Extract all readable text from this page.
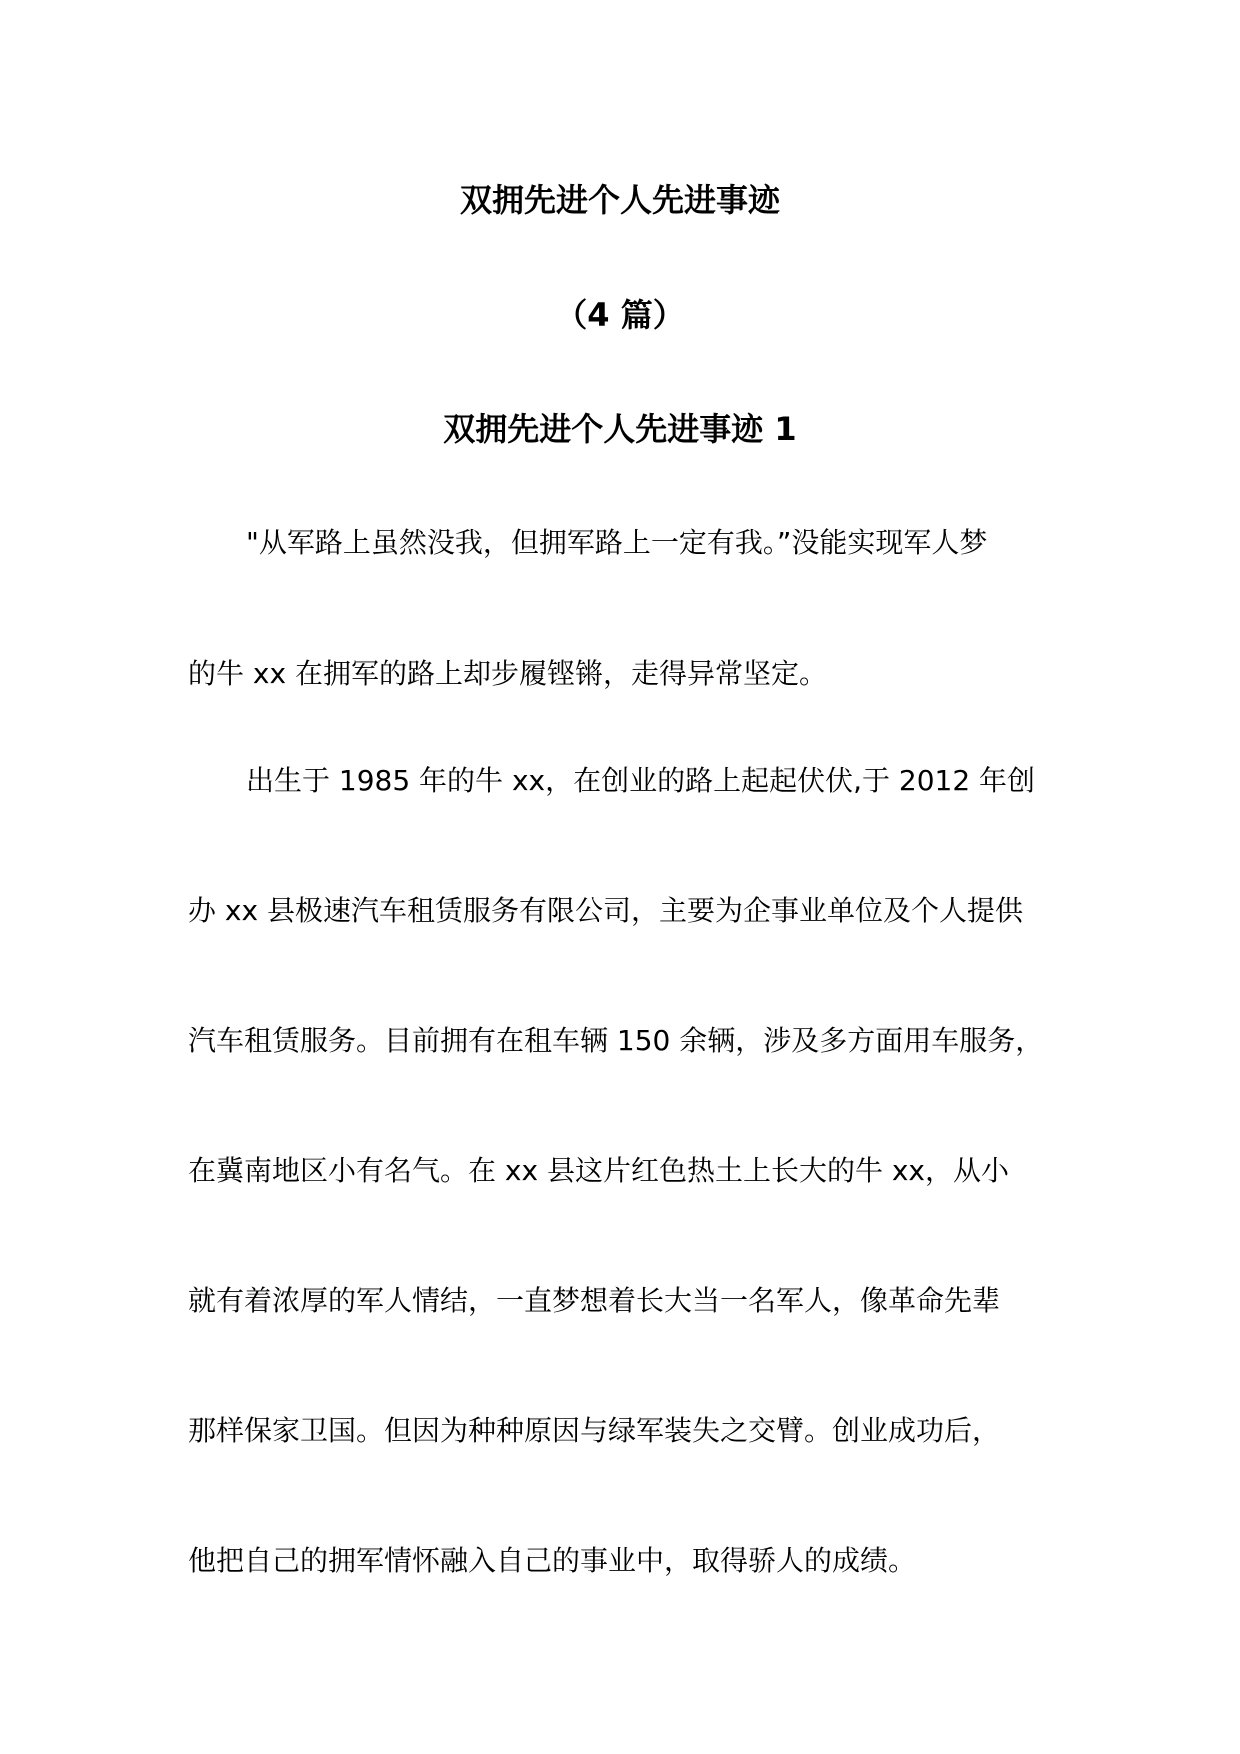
双拥先进个人先进事迹
（4 篇）
双拥先进个人先进事迹 1

"从军路上虽然没我，但拥军路上一定有我。”没能实现军人梦

的牛 xx 在拥军的路上却步履铿锵，走得异常坚定。

出生于 1985 年的牛 xx，在创业的路上起起伏伏,于 2012 年创

办 xx 县极速汽车租赁服务有限公司，主要为企事业单位及个人提供

汽车租赁服务。目前拥有在租车辆 150 余辆，涉及多方面用车服务，

在冀南地区小有名气。在 xx 县这片红色热土上长大的牛 xx，从小

就有着浓厚的军人情结，一直梦想着长大当一名军人，像革命先辈

那样保家卫国。但因为种种原因与绿军装失之交臂。创业成功后，

他把自己的拥军情怀融入自己的事业中，取得骄人的成绩。
